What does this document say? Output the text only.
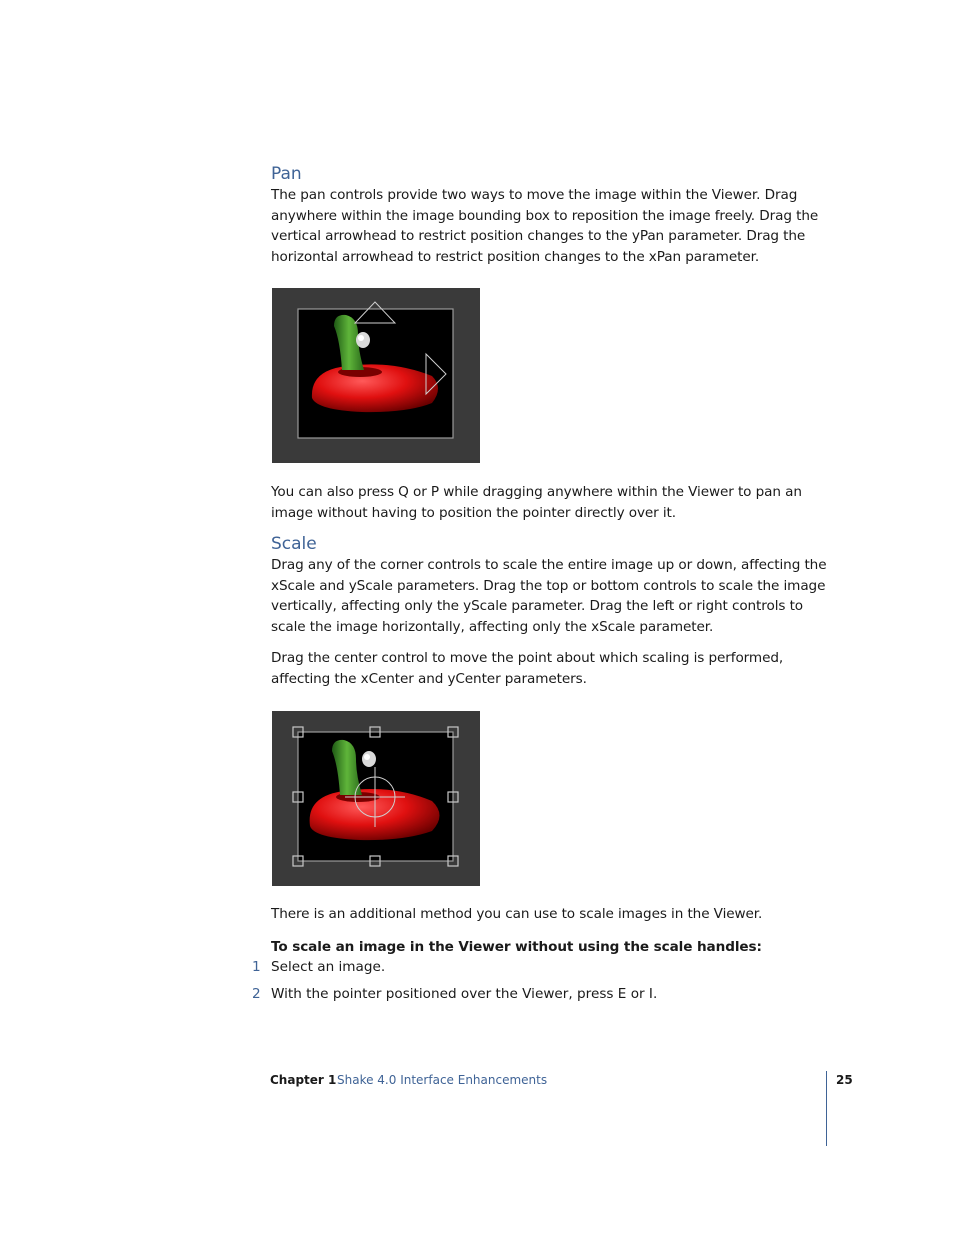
Pan
The pan controls provide two ways to move the image within the Viewer. Drag anywhere within the image bounding box to reposition the image freely. Drag the vertical arrowhead to restrict position changes to the yPan parameter. Drag the horizontal arrowhead to restrict position changes to the xPan parameter.
You can also press Q or P while dragging anywhere within the Viewer to pan an image without having to position the pointer directly over it.
Scale
Drag any of the corner controls to scale the entire image up or down, affecting the xScale and yScale parameters. Drag the top or bottom controls to scale the image vertically, affecting only the yScale parameter. Drag the left or right controls to scale the image horizontally, affecting only the xScale parameter.
Drag the center control to move the point about which scaling is performed, affecting the xCenter and yCenter parameters.
There is an additional method you can use to scale images in the Viewer.
To scale an image in the Viewer without using the scale handles:
1 Select an image.
2 With the pointer positioned over the Viewer, press E or I.
Chapter 1 Shake 4.0 Interface Enhancements	25
